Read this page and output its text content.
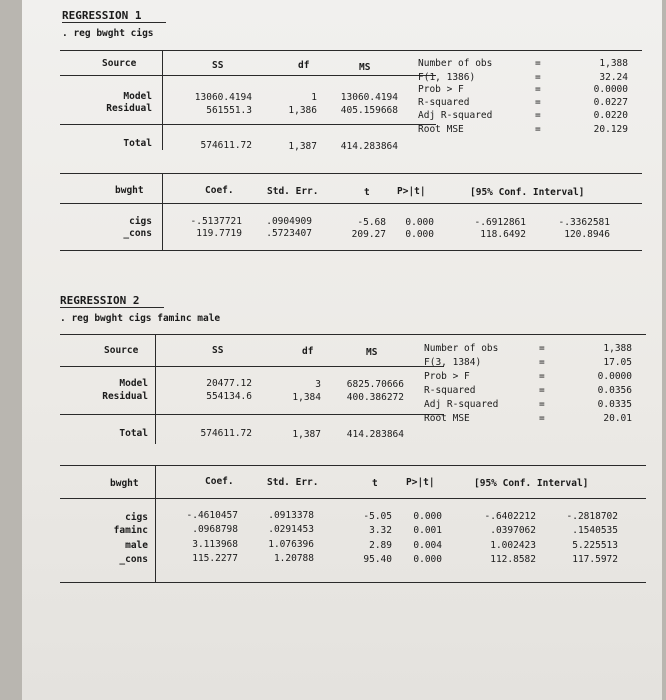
REGRESSION 1
. reg bwght cigs
Source	SS	df	MS
Model	13060.4194	1	13060.4194
Residual	561551.3	1,386	405.159668
Total	574611.72	1,387	414.283864
Number of obs	=	1,388
F(1, 1386)	=	32.24
Prob > F	=	0.0000
R-squared	=	0.0227
Adj R-squared	=	0.0220
Root MSE	=	20.129
bwght	Coef.	Std. Err.	t	P>|t|	[95% Conf. Interval]
cigs	-.5137721	.0904909	-5.68	0.000	-.6912861	-.3362581
_cons	119.7719	.5723407	209.27	0.000	118.6492	120.8946
REGRESSION 2
. reg bwght cigs faminc male
Source	SS	df	MS
Model	20477.12	3	6825.70666
Residual	554134.6	1,384	400.386272
Total	574611.72	1,387	414.283864
Number of obs	=	1,388
F(3, 1384)	=	17.05
Prob > F	=	0.0000
R-squared	=	0.0356
Adj R-squared	=	0.0335
Root MSE	=	20.01
bwght	Coef.	Std. Err.	t	P>|t|	[95% Conf. Interval]
cigs	-.4610457	.0913378	-5.05	0.000	-.6402212	-.2818702
faminc	.0968798	.0291453	3.32	0.001	.0397062	.1540535
male	3.113968	1.076396	2.89	0.004	1.002423	5.225513
_cons	115.2277	1.20788	95.40	0.000	112.8582	117.5972
